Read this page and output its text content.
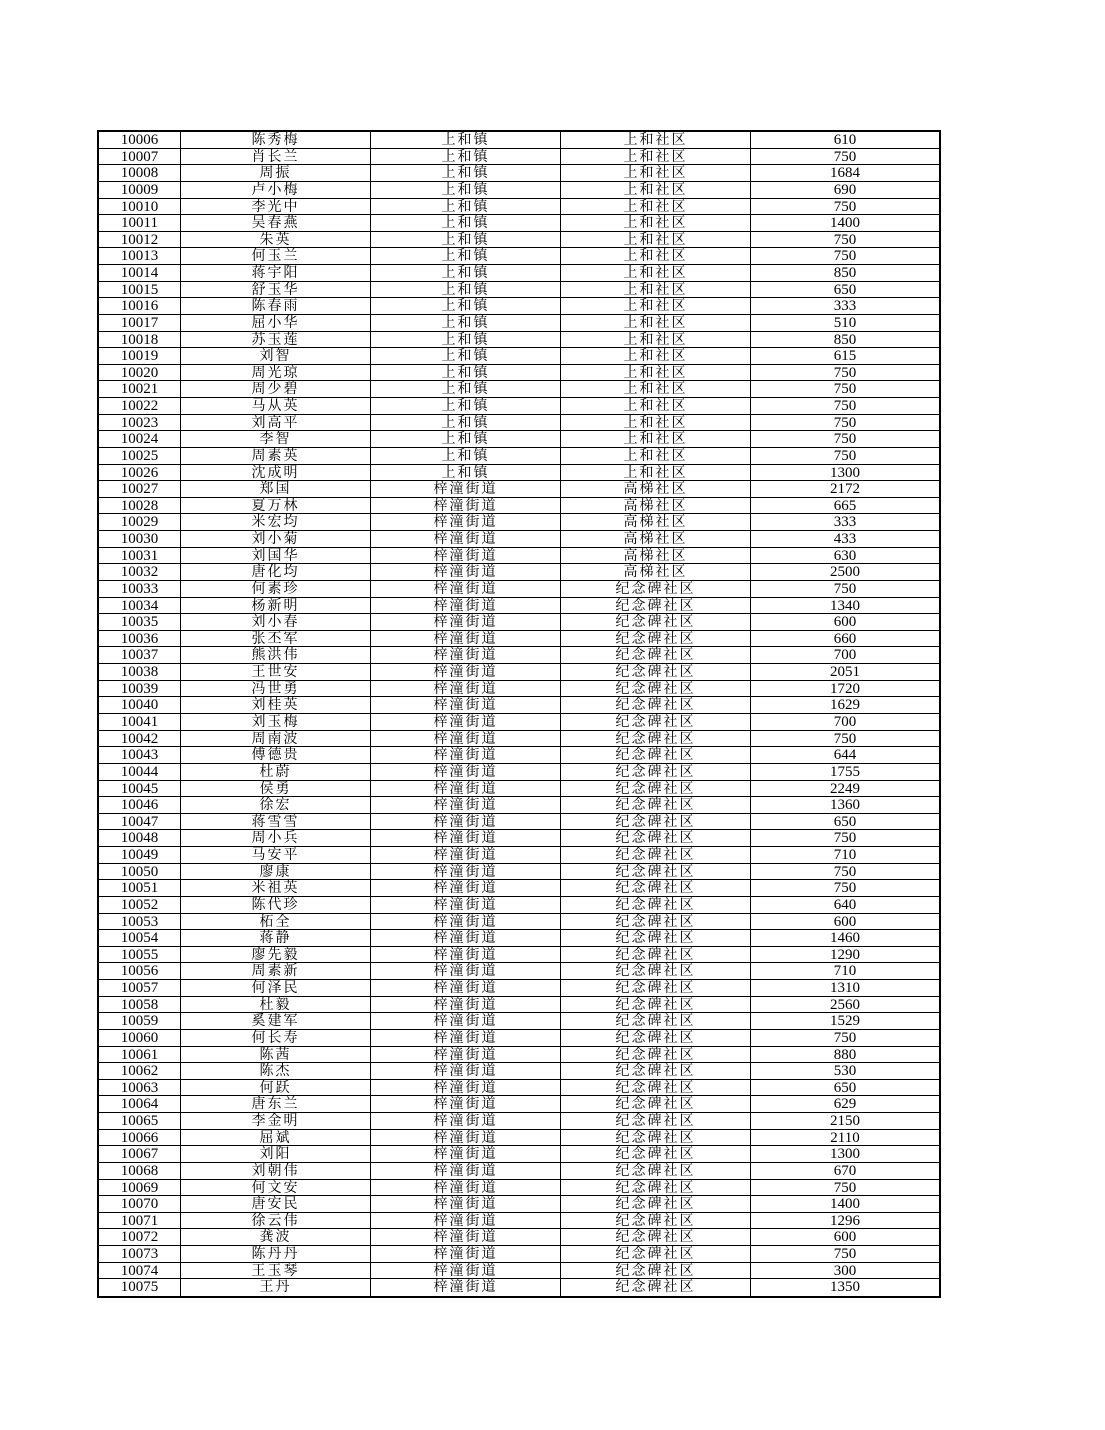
10006	陈秀梅	上和镇	上和社区	610
10007	肖长兰	上和镇	上和社区	750
10008	周振	上和镇	上和社区	1684
10009	卢小梅	上和镇	上和社区	690
10010	李光中	上和镇	上和社区	750
10011	吴春燕	上和镇	上和社区	1400
10012	朱英	上和镇	上和社区	750
10013	何玉兰	上和镇	上和社区	750
10014	蒋宇阳	上和镇	上和社区	850
10015	舒玉华	上和镇	上和社区	650
10016	陈春雨	上和镇	上和社区	333
10017	屈小华	上和镇	上和社区	510
10018	苏玉莲	上和镇	上和社区	850
10019	刘智	上和镇	上和社区	615
10020	周光琼	上和镇	上和社区	750
10021	周少碧	上和镇	上和社区	750
10022	马从英	上和镇	上和社区	750
10023	刘高平	上和镇	上和社区	750
10024	李智	上和镇	上和社区	750
10025	周素英	上和镇	上和社区	750
10026	沈成明	上和镇	上和社区	1300
10027	郑国	梓潼街道	高梯社区	2172
10028	夏万林	梓潼街道	高梯社区	665
10029	米宏均	梓潼街道	高梯社区	333
10030	刘小菊	梓潼街道	高梯社区	433
10031	刘国华	梓潼街道	高梯社区	630
10032	唐化均	梓潼街道	高梯社区	2500
10033	何素珍	梓潼街道	纪念碑社区	750
10034	杨新明	梓潼街道	纪念碑社区	1340
10035	刘小春	梓潼街道	纪念碑社区	600
10036	张丕军	梓潼街道	纪念碑社区	660
10037	熊洪伟	梓潼街道	纪念碑社区	700
10038	王世安	梓潼街道	纪念碑社区	2051
10039	冯世勇	梓潼街道	纪念碑社区	1720
10040	刘桂英	梓潼街道	纪念碑社区	1629
10041	刘玉梅	梓潼街道	纪念碑社区	700
10042	周南波	梓潼街道	纪念碑社区	750
10043	傅德贵	梓潼街道	纪念碑社区	644
10044	杜蔚	梓潼街道	纪念碑社区	1755
10045	侯勇	梓潼街道	纪念碑社区	2249
10046	徐宏	梓潼街道	纪念碑社区	1360
10047	蒋雪雪	梓潼街道	纪念碑社区	650
10048	周小兵	梓潼街道	纪念碑社区	750
10049	马安平	梓潼街道	纪念碑社区	710
10050	廖康	梓潼街道	纪念碑社区	750
10051	米祖英	梓潼街道	纪念碑社区	750
10052	陈代珍	梓潼街道	纪念碑社区	640
10053	柘全	梓潼街道	纪念碑社区	600
10054	蒋静	梓潼街道	纪念碑社区	1460
10055	廖先毅	梓潼街道	纪念碑社区	1290
10056	周素新	梓潼街道	纪念碑社区	710
10057	何泽民	梓潼街道	纪念碑社区	1310
10058	杜毅	梓潼街道	纪念碑社区	2560
10059	奚建军	梓潼街道	纪念碑社区	1529
10060	何长寿	梓潼街道	纪念碑社区	750
10061	陈茜	梓潼街道	纪念碑社区	880
10062	陈杰	梓潼街道	纪念碑社区	530
10063	何跃	梓潼街道	纪念碑社区	650
10064	唐东兰	梓潼街道	纪念碑社区	629
10065	李金明	梓潼街道	纪念碑社区	2150
10066	屈斌	梓潼街道	纪念碑社区	2110
10067	刘阳	梓潼街道	纪念碑社区	1300
10068	刘朝伟	梓潼街道	纪念碑社区	670
10069	何文安	梓潼街道	纪念碑社区	750
10070	唐安民	梓潼街道	纪念碑社区	1400
10071	徐云伟	梓潼街道	纪念碑社区	1296
10072	龚波	梓潼街道	纪念碑社区	600
10073	陈丹丹	梓潼街道	纪念碑社区	750
10074	王玉琴	梓潼街道	纪念碑社区	300
10075	王丹	梓潼街道	纪念碑社区	1350
